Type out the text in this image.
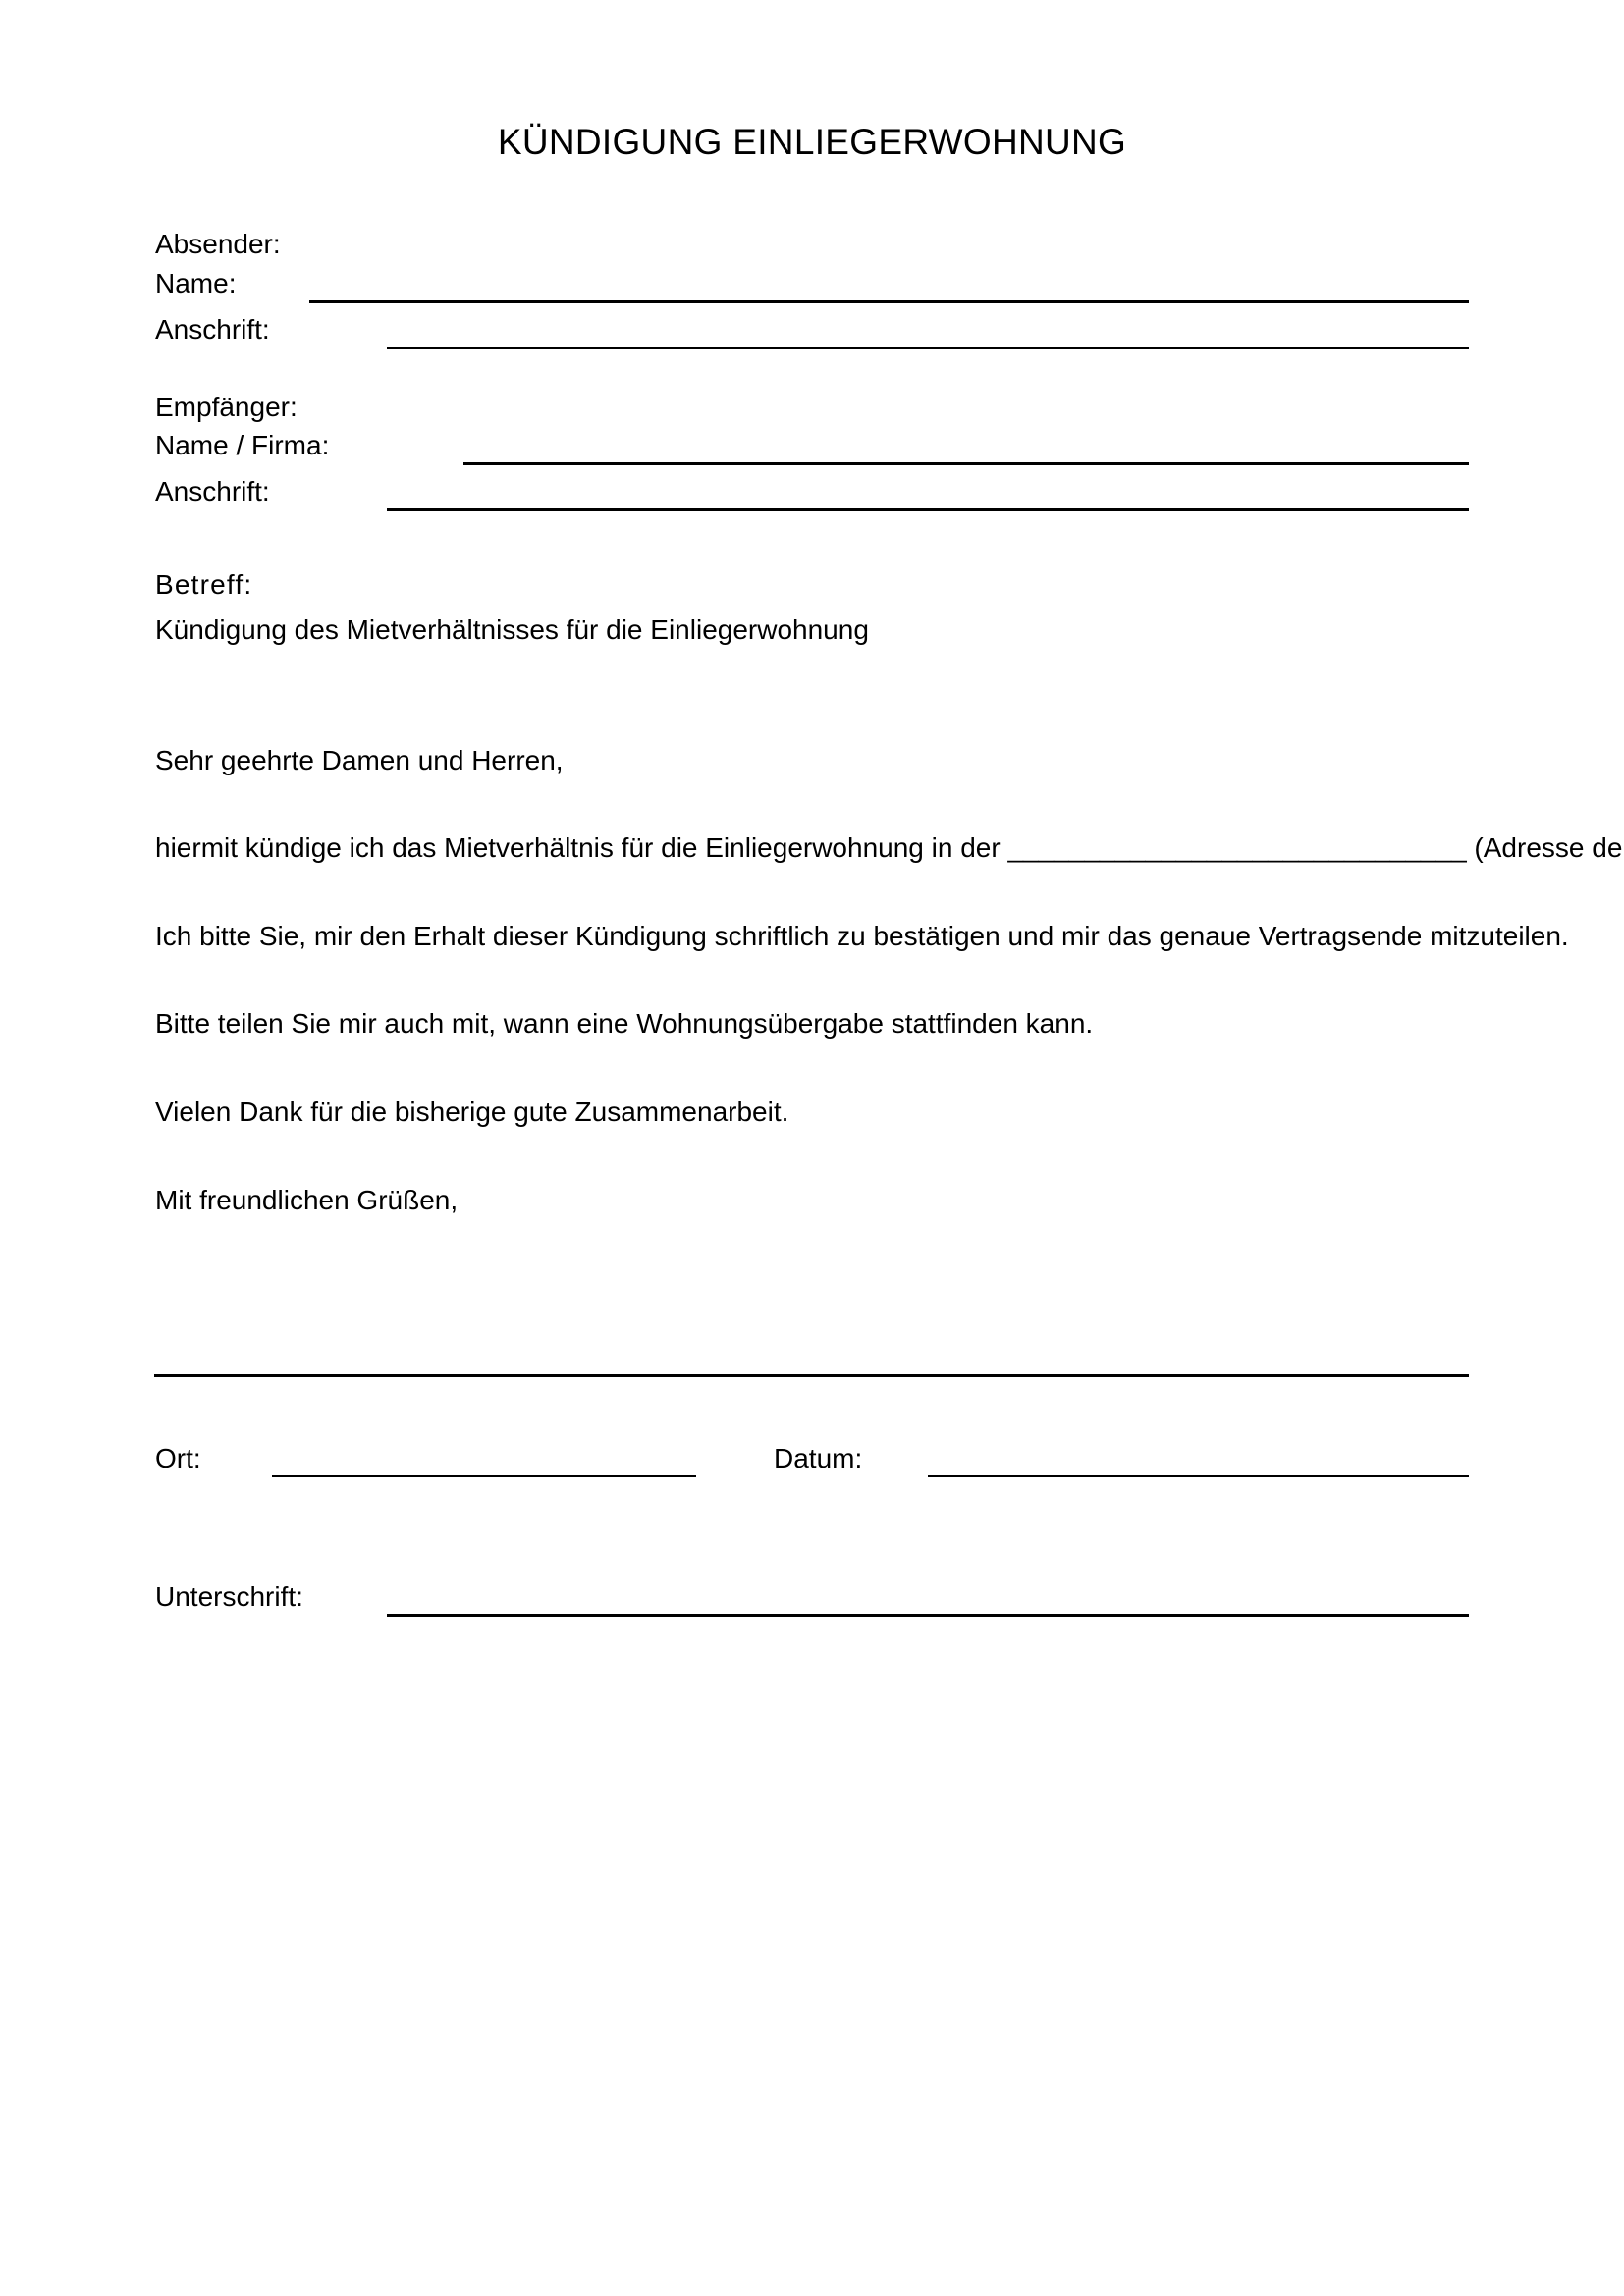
KÜNDIGUNG EINLIEGERWOHNUNG
Absender:
Name:
Anschrift:
Empfänger:
Name / Firma:
Anschrift:
Betreff:
Kündigung des Mietverhältnisses für die Einliegerwohnung
Sehr geehrte Damen und Herren,
hiermit kündige ich das Mietverhältnis für die Einliegerwohnung in der ______________________________ (Adresse de
Ich bitte Sie, mir den Erhalt dieser Kündigung schriftlich zu bestätigen und mir das genaue Vertragsende mitzuteilen.
Bitte teilen Sie mir auch mit, wann eine Wohnungsübergabe stattfinden kann.
Vielen Dank für die bisherige gute Zusammenarbeit.
Mit freundlichen Grüßen,
Ort:	Datum:
Unterschrift:
